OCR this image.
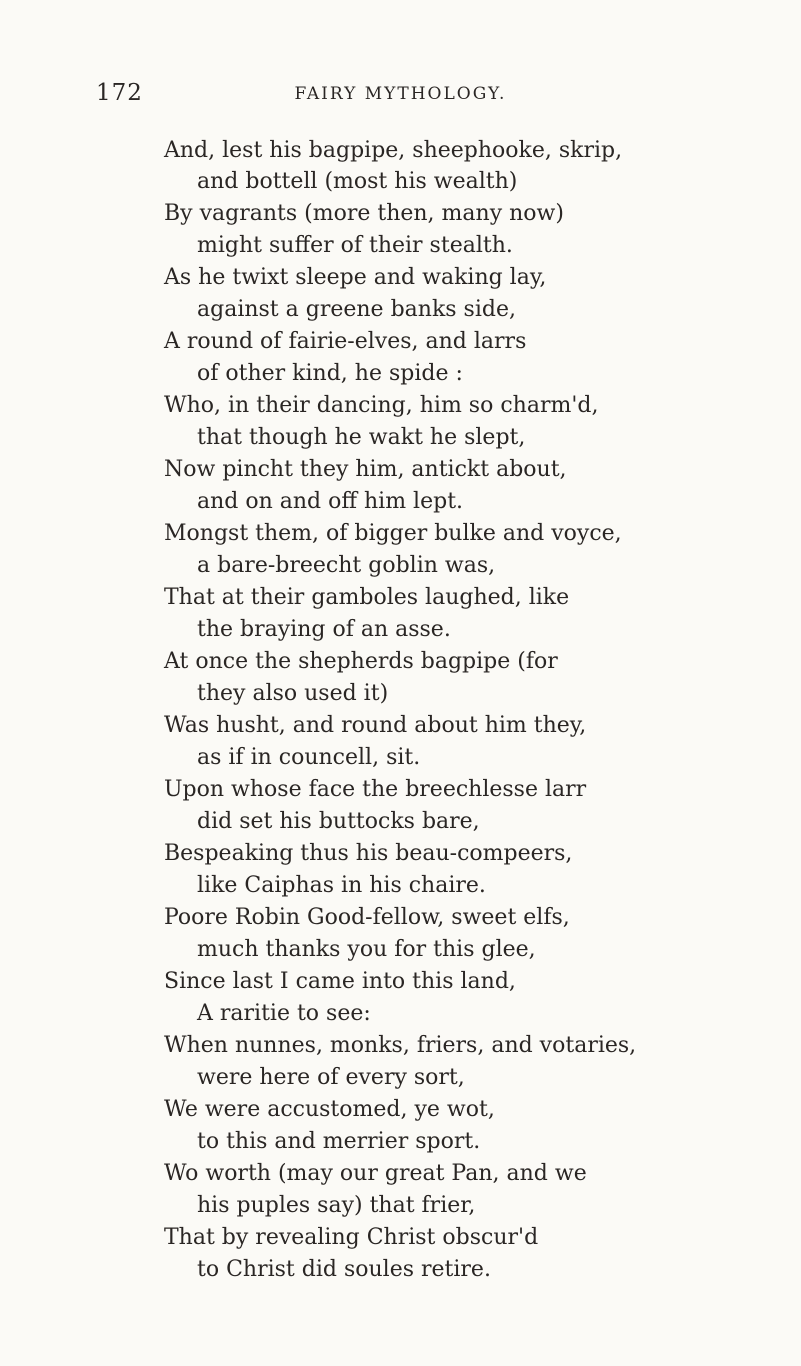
172	FAIRY MYTHOLOGY.
And, lest his bagpipe, sheephooke, skrip,
and bottell (most his wealth)
By vagrants (more then, many now)
might suffer of their stealth.
As he twixt sleepe and waking lay,
against a greene banks side,
A round of fairie-elves, and larrs
of other kind, he spide :
Who, in their dancing, him so charm'd,
that though he wakt he slept,
Now pincht they him, antickt about,
and on and off him lept.
Mongst them, of bigger bulke and voyce,
a bare-breecht goblin was,
That at their gamboles laughed, like
the braying of an asse.
At once the shepherds bagpipe (for
they also used it)
Was husht, and round about him they,
as if in councell, sit.
Upon whose face the breechlesse larr
did set his buttocks bare,
Bespeaking thus his beau-compeers,
like Caiphas in his chaire.
Poore Robin Good-fellow, sweet elfs,
much thanks you for this glee,
Since last I came into this land,
A raritie to see:
When nunnes, monks, friers, and votaries,
were here of every sort,
We were accustomed, ye wot,
to this and merrier sport.
Wo worth (may our great Pan, and we
his puples say) that frier,
That by revealing Christ obscur'd
to Christ did soules retire.
